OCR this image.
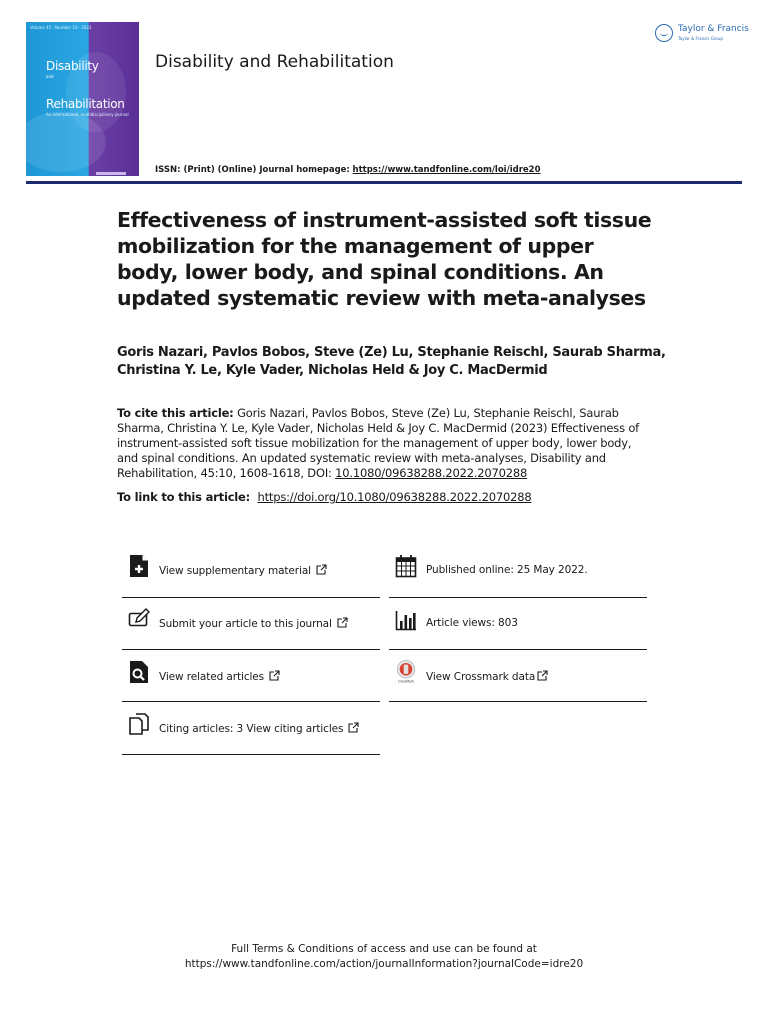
Volume 45 · Number 10 · 2023
Disability
and
Rehabilitation
An international, multidisciplinary journal
Disability and Rehabilitation
Taylor & Francis
Taylor & Francis Group
ISSN: (Print) (Online) Journal homepage: https://www.tandfonline.com/loi/idre20
Effectiveness of instrument-assisted soft tissue mobilization for the management of upper body, lower body, and spinal conditions. An updated systematic review with meta-analyses

Goris Nazari, Pavlos Bobos, Steve (Ze) Lu, Stephanie Reischl, Saurab Sharma, Christina Y. Le, Kyle Vader, Nicholas Held & Joy C. MacDermid

To cite this article: Goris Nazari, Pavlos Bobos, Steve (Ze) Lu, Stephanie Reischl, Saurab Sharma, Christina Y. Le, Kyle Vader, Nicholas Held & Joy C. MacDermid (2023) Effectiveness of instrument-assisted soft tissue mobilization for the management of upper body, lower body, and spinal conditions. An updated systematic review with meta-analyses, Disability and Rehabilitation, 45:10, 1608-1618, DOI: 10.1080/09638288.2022.2070288

To link to this article: https://doi.org/10.1080/09638288.2022.2070288
View supplementary material
Submit your article to this journal
View related articles
Citing articles: 3 View citing articles
Published online: 25 May 2022.
Article views: 803
CrossMark View Crossmark data
Full Terms & Conditions of access and use can be found at
https://www.tandfonline.com/action/journalInformation?journalCode=idre20
